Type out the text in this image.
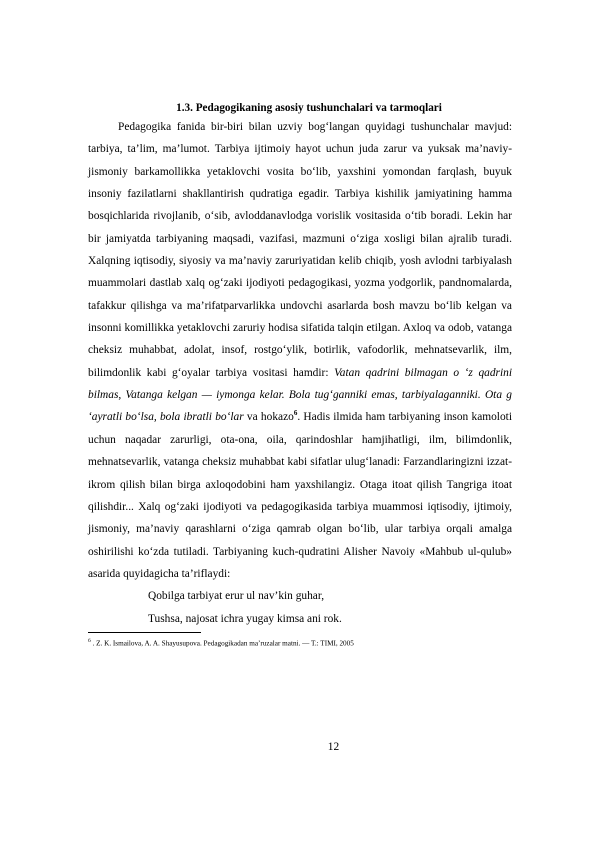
1.3. Pedagogikaning asosiy tushunchalari va tarmoqlari

Pedagogika fanida bir-biri bilan uzviy bog‘langan quyidagi tushunchalar mavjud: tarbiya, ta’lim, ma’lumot. Tarbiya ijtimoiy hayot uchun juda zarur va yuksak ma’naviy-jismoniy barkamollikka yetaklovchi vosita bo‘lib, yaxshini yomondan farqlash, buyuk insoniy fazilatlarni shakllantirish qudratiga egadir. Tarbiya kishilik jamiyatining hamma bosqichlarida rivojlanib, o‘sib, avloddanavlodga vorislik vositasida o‘tib boradi. Lekin har bir jamiyatda tarbiyaning maqsadi, vazifasi, mazmuni o‘ziga xosligi bilan ajralib turadi. Xalqning iqtisodiy, siyosiy va ma’naviy zaruriyatidan kelib chiqib, yosh avlodni tarbiyalash muammolari dastlab xalq og‘zaki ijodiyoti pedagogikasi, yozma yodgorlik, pandnomalarda, tafakkur qilishga va ma’rifatparvarlikka undovchi asarlarda bosh mavzu bo‘lib kelgan va insonni komillikka yetaklovchi zaruriy hodisa sifatida talqin etilgan. Axloq va odob, vatanga cheksiz muhabbat, adolat, insof, rostgo‘ylik, botirlik, vafodorlik, mehnatsevarlik, ilm, bilimdonlik kabi g‘oyalar tarbiya vositasi hamdir: Vatan qadrini bilmagan o ‘z qadrini bilmas, Vatanga kelgan — iymonga kelar. Bola tug‘ganniki emas, tarbiyalaganniki. Ota g ‘ayratli bo‘lsa, bola ibratli bo‘lar va hokazo$^6$. Hadis ilmida ham tarbiyaning inson kamoloti uchun naqadar zarurligi, ota-ona, oila, qarindoshlar hamjihatligi, ilm, bilimdonlik, mehnatsevarlik, vatanga cheksiz muhabbat kabi sifatlar ulug‘lanadi: Farzandlaringizni izzat-ikrom qilish bilan birga axloqodobini ham yaxshilangiz. Otaga itoat qilish Tangriga itoat qilishdir... Xalq og‘zaki ijodiyoti va pedagogikasida tarbiya muammosi iqtisodiy, ijtimoiy, jismoniy, ma’naviy qarashlarni o‘ziga qamrab olgan bo‘lib, ular tarbiya orqali amalga oshirilishi ko‘zda tutiladi. Tarbiyaning kuch-qudratini Alisher Navoiy «Mahbub ul-qulub» asarida quyidagicha ta’riflaydi:

Qobilga tarbiyat erur ul nav’kin guhar,
Tushsa, najosat ichra yugay kimsa ani rok.
$^6$ . Z. K. Ismailova, A. A. Shayusupova. Pedagogikadan ma’ruzalar matni. — T.: TIMI, 2005
12
